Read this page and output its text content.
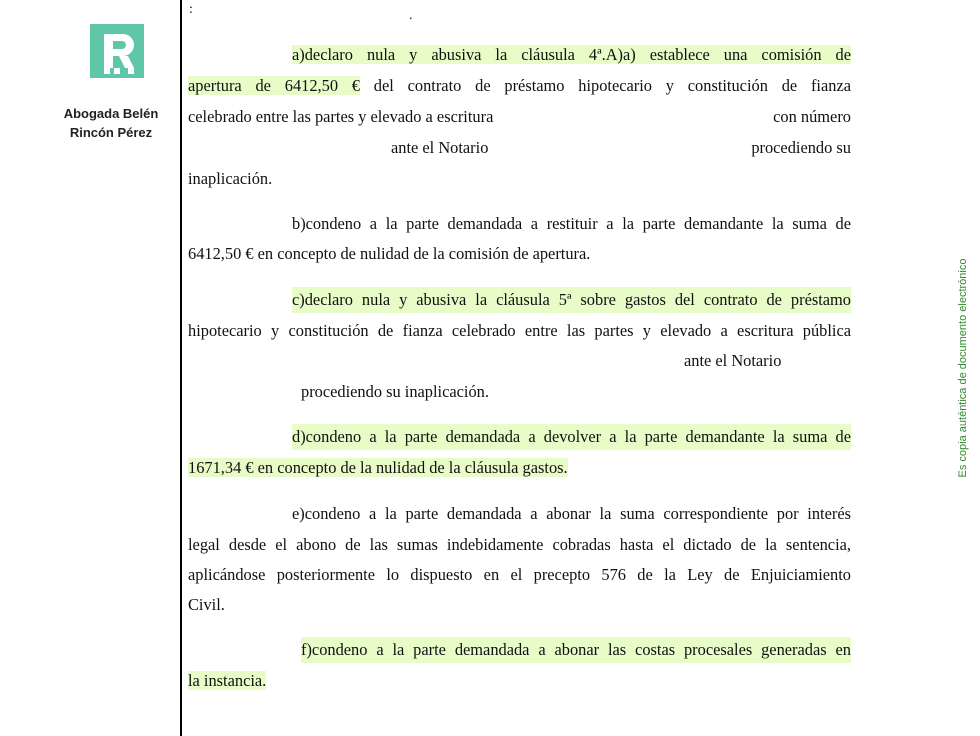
Abogada Belén
Rincón Pérez
:	.
a)declaro nula y abusiva la cláusula 4ª.A)a) establece una comisión de
apertura de 6412,50 € del contrato de préstamo hipotecario y constitución de fianza
celebrado entre las partes y elevado a escritura	con número
ante el Notario	procediendo su
inaplicación.
b)condeno a la parte demandada a restituir a la parte demandante la suma de
6412,50 € en concepto de nulidad de la comisión de apertura.
c)declaro nula y abusiva la cláusula 5ª sobre gastos del contrato de préstamo
hipotecario y constitución de fianza celebrado entre las partes y elevado a escritura pública
ante el Notario
procediendo su inaplicación.
d)condeno a la parte demandada a devolver a la parte demandante la suma de
1671,34 € en concepto de la nulidad de la cláusula gastos.
e)condeno a la parte demandada a abonar la suma correspondiente por interés
legal desde el abono de las sumas indebidamente cobradas hasta el dictado de la sentencia,
aplicándose posteriormente lo dispuesto en el precepto 576 de la Ley de Enjuiciamiento
Civil.
f)condeno a la parte demandada a abonar las costas procesales generadas en
la instancia.
Es copia auténtica de documento electrónico
